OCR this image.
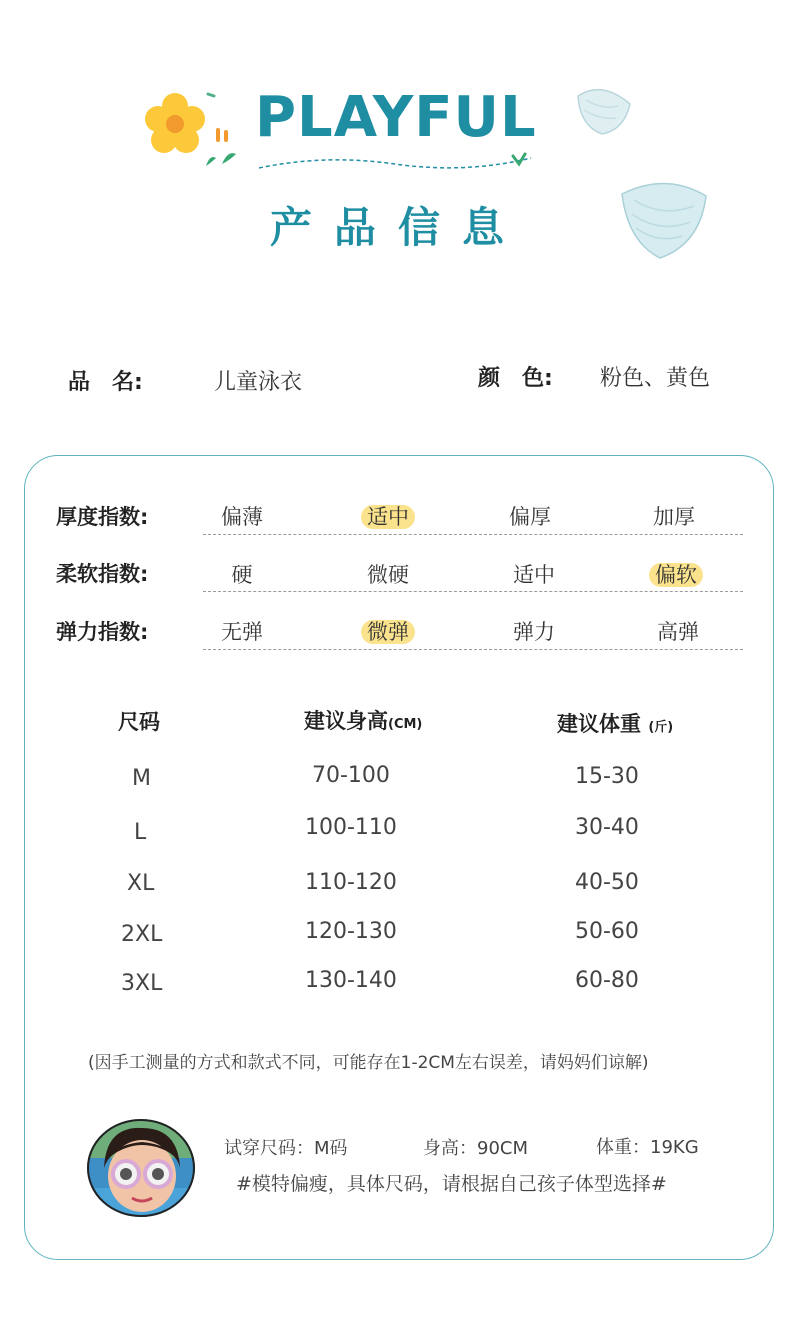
PLAYFUL
产品信息
品　名:	儿童泳衣	颜　色: 粉色、黄色
厚度指数:	偏薄	适中	偏厚	加厚
柔软指数:	硬	微硬	适中	偏软
弹力指数:	无弹	微弹	弹力	高弹
尺码	建议身高(CM)	建议体重 (斤)
M	70-100	15-30
L	100-110	30-40
XL	110-120	40-50
2XL	120-130	50-60
3XL	130-140	60-80
(因手工测量的方式和款式不同，可能存在1-2CM左右误差，请妈妈们谅解)
试穿尺码：M码	身高：90CM	体重：19KG
#模特偏瘦，具体尺码，请根据自己孩子体型选择#
